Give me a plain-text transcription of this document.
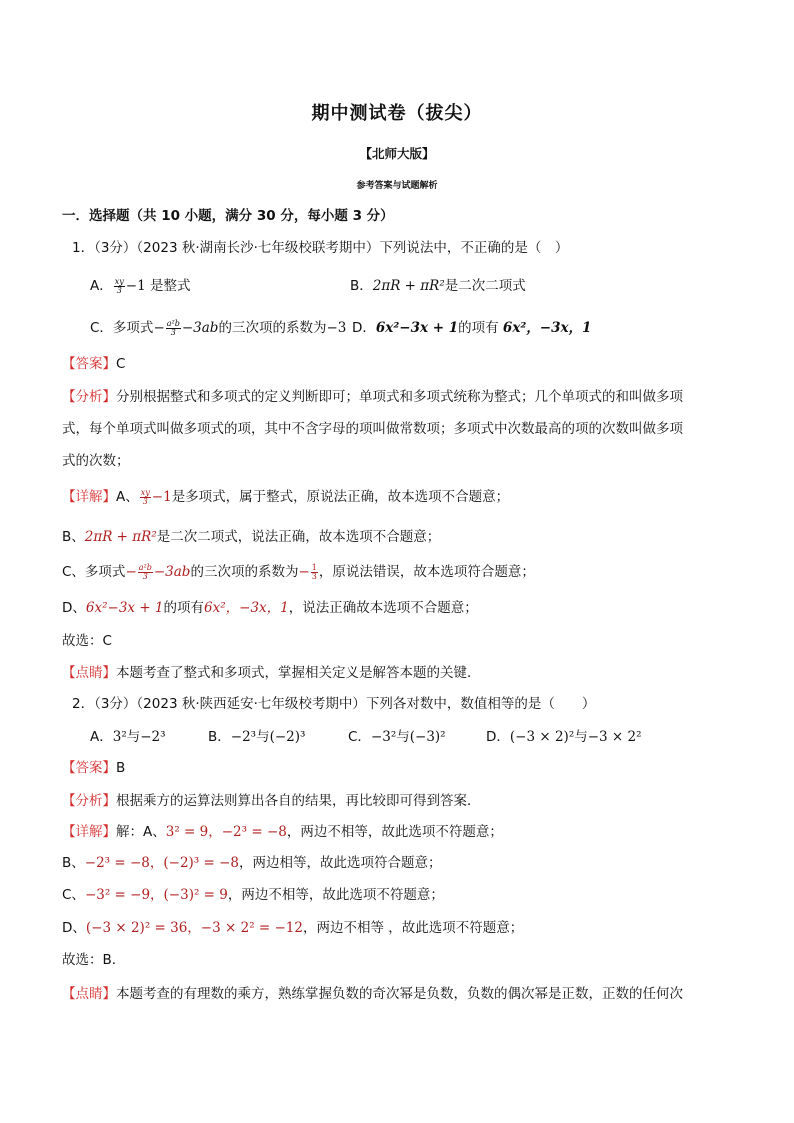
期中测试卷（拔尖）
【北师大版】
参考答案与试题解析
一．选择题（共 10 小题，满分 30 分，每小题 3 分）
1．（3分）（2023 秋·湖南长沙·七年级校联考期中）下列说法中，不正确的是（　）
A． $\frac{xy}{3} -1$ 是整式	B．2πR + πR²是二次二项式
C．多项式− $\frac{\text{a²b}}{3} -3ab$的三次项的系数为−3 D．6x²−3x + 1的项有 6x²，−3x，1
【答案】C
【分析】分别根据整式和多项式的定义判断即可；单项式和多项式统称为整式；几个单项式的和叫做多项
式，每个单项式叫做多项式的项，其中不含字母的项叫做常数项；多项式中次数最高的项的次数叫做多项
式的次数；
【详解】A、 $\frac{xy}{3} -1$是多项式，属于整式，原说法正确，故本选项不合题意；
B、2πR + πR²是二次二项式，说法正确，故本选项不合题意；
C、多项式− $\frac{\text{a²b}}{3} -3ab$的三次项的系数为− $\frac{1}{3}$ ，原说法错误，故本选项符合题意；
D、6x²−3x + 1的项有6x²，−3x，1，说法正确故本选项不合题意；
故选：C
【点睛】本题考查了整式和多项式，掌握相关定义是解答本题的关键．
2．（3分）（2023 秋·陕西延安·七年级校考期中）下列各对数中，数值相等的是（　　）
A．3²与−2³	B．−2³与(−2)³	C．−3²与(−3)²	D．(−3 × 2)²与−3 × 2²
【答案】B
【分析】根据乘方的运算法则算出各自的结果，再比较即可得到答案．
【详解】解：A、3² = 9，−2³ = −8，两边不相等，故此选项不符题意；
B、−2³ = −8，(−2)³ = −8，两边相等，故此选项符合题意；
C、−3² = −9，(−3)² = 9，两边不相等，故此选项不符题意；
D、(−3 × 2)² = 36，−3 × 2² = −12，两边不相等 ，故此选项不符题意；
故选：B．
【点睛】本题考查的有理数的乘方，熟练掌握负数的奇次幂是负数，负数的偶次幂是正数，正数的任何次
